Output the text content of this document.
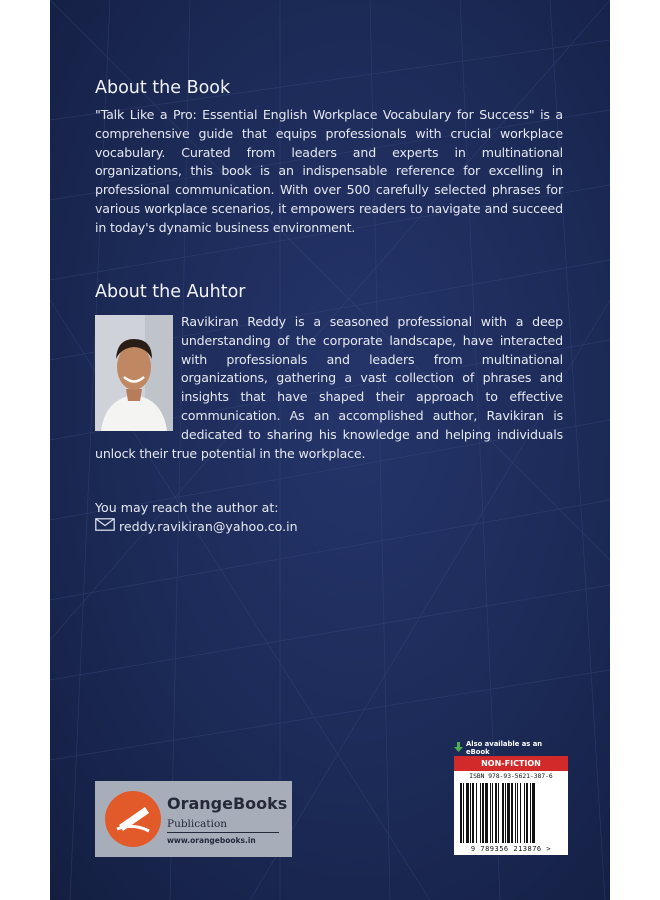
About the Book

"Talk Like a Pro: Essential English Workplace Vocabulary for Success" is a comprehensive guide that equips professionals with crucial workplace vocabulary. Curated from leaders and experts in multinational organizations, this book is an indispensable reference for excelling in professional communication. With over 500 carefully selected phrases for various workplace scenarios, it empowers readers to navigate and succeed in today's dynamic business environment.

About the Auhtor

Ravikiran Reddy is a seasoned professional with a deep understanding of the corporate landscape, have interacted with professionals and leaders from multinational organizations, gathering a vast collection of phrases and insights that have shaped their approach to effective communication. As an accomplished author, Ravikiran is dedicated to sharing his knowledge and helping individuals unlock their true potential in the workplace.

You may reach the author at:
reddy.ravikiran@yahoo.co.in
OrangeBooks
Publication
www.orangebooks.in
Also available as an eBook
NON-FICTION
ISBN 978-93-5621-387-6
9 789356 213876 >
